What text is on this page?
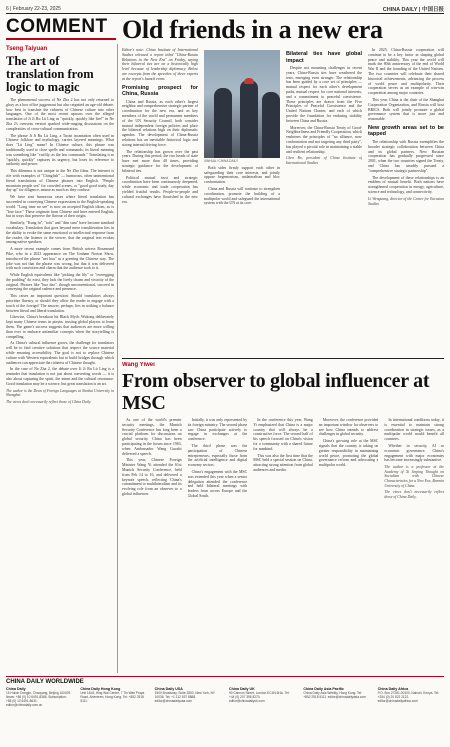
6 | February 22-23, 2025	CHINA DAILY | 中国日报
COMMENT
Tseng Taiyuan
The art of translation from logic to magic

The phenomenal success of Ne Zha 2 has not only returned to glory as a box office juggernaut but also reignited an age-old debate: how best to translate the richness of Chinese culture into other languages. One of the most recent uproars over the alleged translation of Ji Ji Ru Lü Ling as "quickly, quickly like fire!" in Ne Zha 2's overseas version sparked wide-ranging discussions on the complexities of cross-cultural communication.

The phrase Ji Ji Ru Lü Ling, a Taoist incantation often used in Chinese folklore and mythology, carries layered meanings. What does "Lü Ling" mean? In Chinese culture, this phrase was traditionally used to close spells and commands; its literal meaning was something like "swiftly, as the law commands." Translating it as "quickly, quickly" captures its urgency, but loses its reference to authority and power.

This dilemma is not unique to the Ne Zha films. The internet is rife with examples of "Chinglish" — humorous, often unintentional literal translations of Chinese phrases into English. "People mountain people sea" for crowded scenes, or "good good study, day day up" for diligence, amuse as much as they confuse.

We have sent humorous cases where literal translation has succeeded in conveying Chinese expressions to the English-speaking world. "Long time no see" is now an accepted English idiom, as is "lose face." These originate from Chinese and have entered English, but in ways that preserve the flavour of their origin.

Similarly, "Kung fu", "tofu" and "dim sum" have become standard vocabulary. Translation that goes beyond mere transliteration lies in the ability to evoke the same emotional or intellectual response from the reader, the listener or the viewer, that the original text evokes among native speakers.

A more recent example comes from British actress Rosamund Pike, who in a 2023 appearance on The Graham Norton Show, introduced the phrase "nei hou" as a greeting the Chinese way. The joke was not that the phrase was wrong, but that it was delivered with such conviction and charm that the audience took to it.

While English equivalents like "picking the lily" or "overegging the pudding" do exist, they lack the lively charm and vivacity of the original. Phrases like "huo dao", though unconventional, succeed in conveying the original cadence and presence.

This raises an important question: Should translators always prioritize fluency, or should they allow the reader to engage with a touch of the foreign? The answer, perhaps, lies in striking a balance between literal and liberal translation.

Likewise, China's breakout hit Black Myth: Wukong deliberately kept many Chinese terms in pinyin, trusting global players to learn them. The game's success suggests that audiences are more willing than ever to embrace unfamiliar concepts when the storytelling is compelling.

As China's cultural influence grows, the challenge for translators will be to find creative solutions that respect the source material while ensuring accessibility. The goal is not to replace Chinese culture with Western equivalents but to build bridges through which audiences can appreciate the richness of Chinese thought.

In the case of Ne Zha 2, the debate over Ji Ji Ru Lü Ling is a reminder that translation is not just about converting words — it is also about capturing the spirit, the intent and the cultural resonance. Good translation may be a science, but great translation is an art.

The author is the Dean of Foreign Languages at Nankai University in Shanghai.
The views don't necessarily reflect those of China Daily.
Old friends in a new era

Editor's note: China Institute of International Studies released a report titled "China-Russia Relations in the New Era" on Friday, saying their bilateral ties are on a historically high level because of leadership diplomacy. Below are excerpts from the speeches of three experts at the report's launch event.

Promising prospect for China, Russia

China and Russia, as each other's largest neighbor and comprehensive strategic partner of coordination for the new era, and as key members of the world and permanent members of the UN Security Council, both consider mutual independent foreign policies and place the bilateral relations high on their diplomatic agendas. The development of China-Russia relations has an inevitable historical logic and strong internal driving force.

The relationship has grown over the past years. During this period, the two heads of state have met more than 40 times, providing strategic guidance for the development of bilateral ties.

Political mutual trust and strategic coordination have been continuously deepened, while economic and trade cooperation has yielded fruitful results. People-to-people and cultural exchanges have flourished in the new era.

XINHUA / CHINA DAILY

Both sides firmly support each other in safeguarding their core interests, and jointly oppose hegemonism, unilateralism and bloc confrontation.

China and Russia will continue to strengthen coordination, promote the building of a multipolar world and safeguard the international system with the UN at its core.

Bilateral ties have global impact

Despite not mounting challenges in recent years, China-Russia ties have weathered the tests, emerging even stronger. The relationship has been guided by a core set of principles — mutual respect for each other's development paths, mutual respect for core national interests, and a commitment to peaceful coexistence. These principles are drawn from the Five Principles of Peaceful Coexistence and the United Nations Charter, and each of which provide the foundation for enduring stability between China and Russia.

Moreover, the China-Russia Treaty of Good-Neighborliness and Friendly Cooperation, which enshrines the principles of "no alliance, non-confrontation and not targeting any third party", has played a pivotal role in maintaining a stable and resilient relationship.

Chen Bo, president of China Institute of International Studies

In 2025, China-Russia cooperation will continue to be a key factor in shaping global peace and stability. This year the world will mark the 80th anniversary of the end of World War II and the founding of the United Nations. The two countries will celebrate their shared historical achievements, advancing the process of world peace and multipolarity. Their cooperation serves as an example of win-win cooperation among major countries.

This year, China is the chair of the Shanghai Cooperation Organization, and Russia will host BRICS. Both will jointly promote a global governance system that is more just and reasonable.

New growth areas set to be tapped

The relationship with Russia exemplifies the broader strategic collaboration between China and its global partners. New Russian cooperation has gradually progressed since 2001, when the two countries signed the Treaty, and China has steadily pursued a "comprehensive strategic partnership".

The development of these relationships is an emblem of mutual benefit. Both nations have strengthened cooperation in energy, agriculture, science and technology, and connectivity.

Li Wenguang, director of the Center for Eurasian Studies

Wang Yiwei
From observer to global influencer at MSC

As one of the world's premier security meetings, the Munich Security Conference has long been a crucial platform for discussions on global security. China has been participating in the forum since 1963, when Ambassador Wang Guozhi delivered a speech.

This year, Chinese Foreign Minister Wang Yi attended the 61st Munich Security Conference, held from Feb 14 to 16, and delivered a keynote speech, reflecting China's commitment to multilateralism and its evolving role from an observer to a global influencer.

Initially, it was only represented by its foreign ministry. The second phase saw China participate actively to engage in exchanges at the conference.

The third phase was the participation of Chinese entrepreneurs, especially those from the artificial intelligence and digital economy sectors.

China's engagement with the MSC was extended this year when a senior delegation attended the conference and held bilateral meetings with leaders from across Europe and the Global South.

In the conference this year, Wang Yi emphasized that China is a major country that will always be a constructive force. The second half of his speech focused on China's vision for a community with a shared future for mankind.

This was also the first time that the MSC held a special session on China, attracting strong attention from global audiences and media.

Moreover, the conference provided an important window for observers to see how China intends to address challenges in global security.

China's growing role at the MSC signals that the country is taking on greater responsibility in maintaining world peace, promoting the global governance reform and advocating a multipolar world.

In international conditions today, it is essential to maintain strong coordination in strategic issues, as a multipolar world would benefit all countries.

Whether in security, AI or economic governance, China's engagement with major economies has become increasingly substantive.

The author is a professor at the Academy of Xi Jinping Thought on Socialism with Chinese Characteristics for a New Era, Renmin University of China.
The views don't necessarily reflect those of China Daily.
CHINA DAILY WORLDWIDE
China Daily
15 Huixin Dongjie, Chaoyang, Beijing 100029. News: +86 (0) 10 6491-8366. Subscription: +86 (0) 10 6491-8631. editor@chinadaily.com.cn
China Daily Hong Kong
Unit 1818, Hing Wai Centre, 7 Tin Wan Praya Road, Aberdeen, Hong Kong. Tel: +852 2518 5111.
China Daily USA
1500 Broadway, Suite 2800, New York, NY 10036. Tel: +1 212 537 8888. editor@chinadailyusa.com
China Daily UK
90 Cannon Street, London EC4N 6HA. Tel: +44 (0) 207 398 8270. editor@chinadailyuk.com
China Daily Asia Pacific
China Daily Asia Weekly, Hong Kong. Tel: +852 2518 5111. editor@chinadailyasia.com
China Daily Africa
P.O. Box 27281-00100, Nairobi, Kenya. Tel: +254 (0) 20 522 2122. editor@chinadailyafrica.com
